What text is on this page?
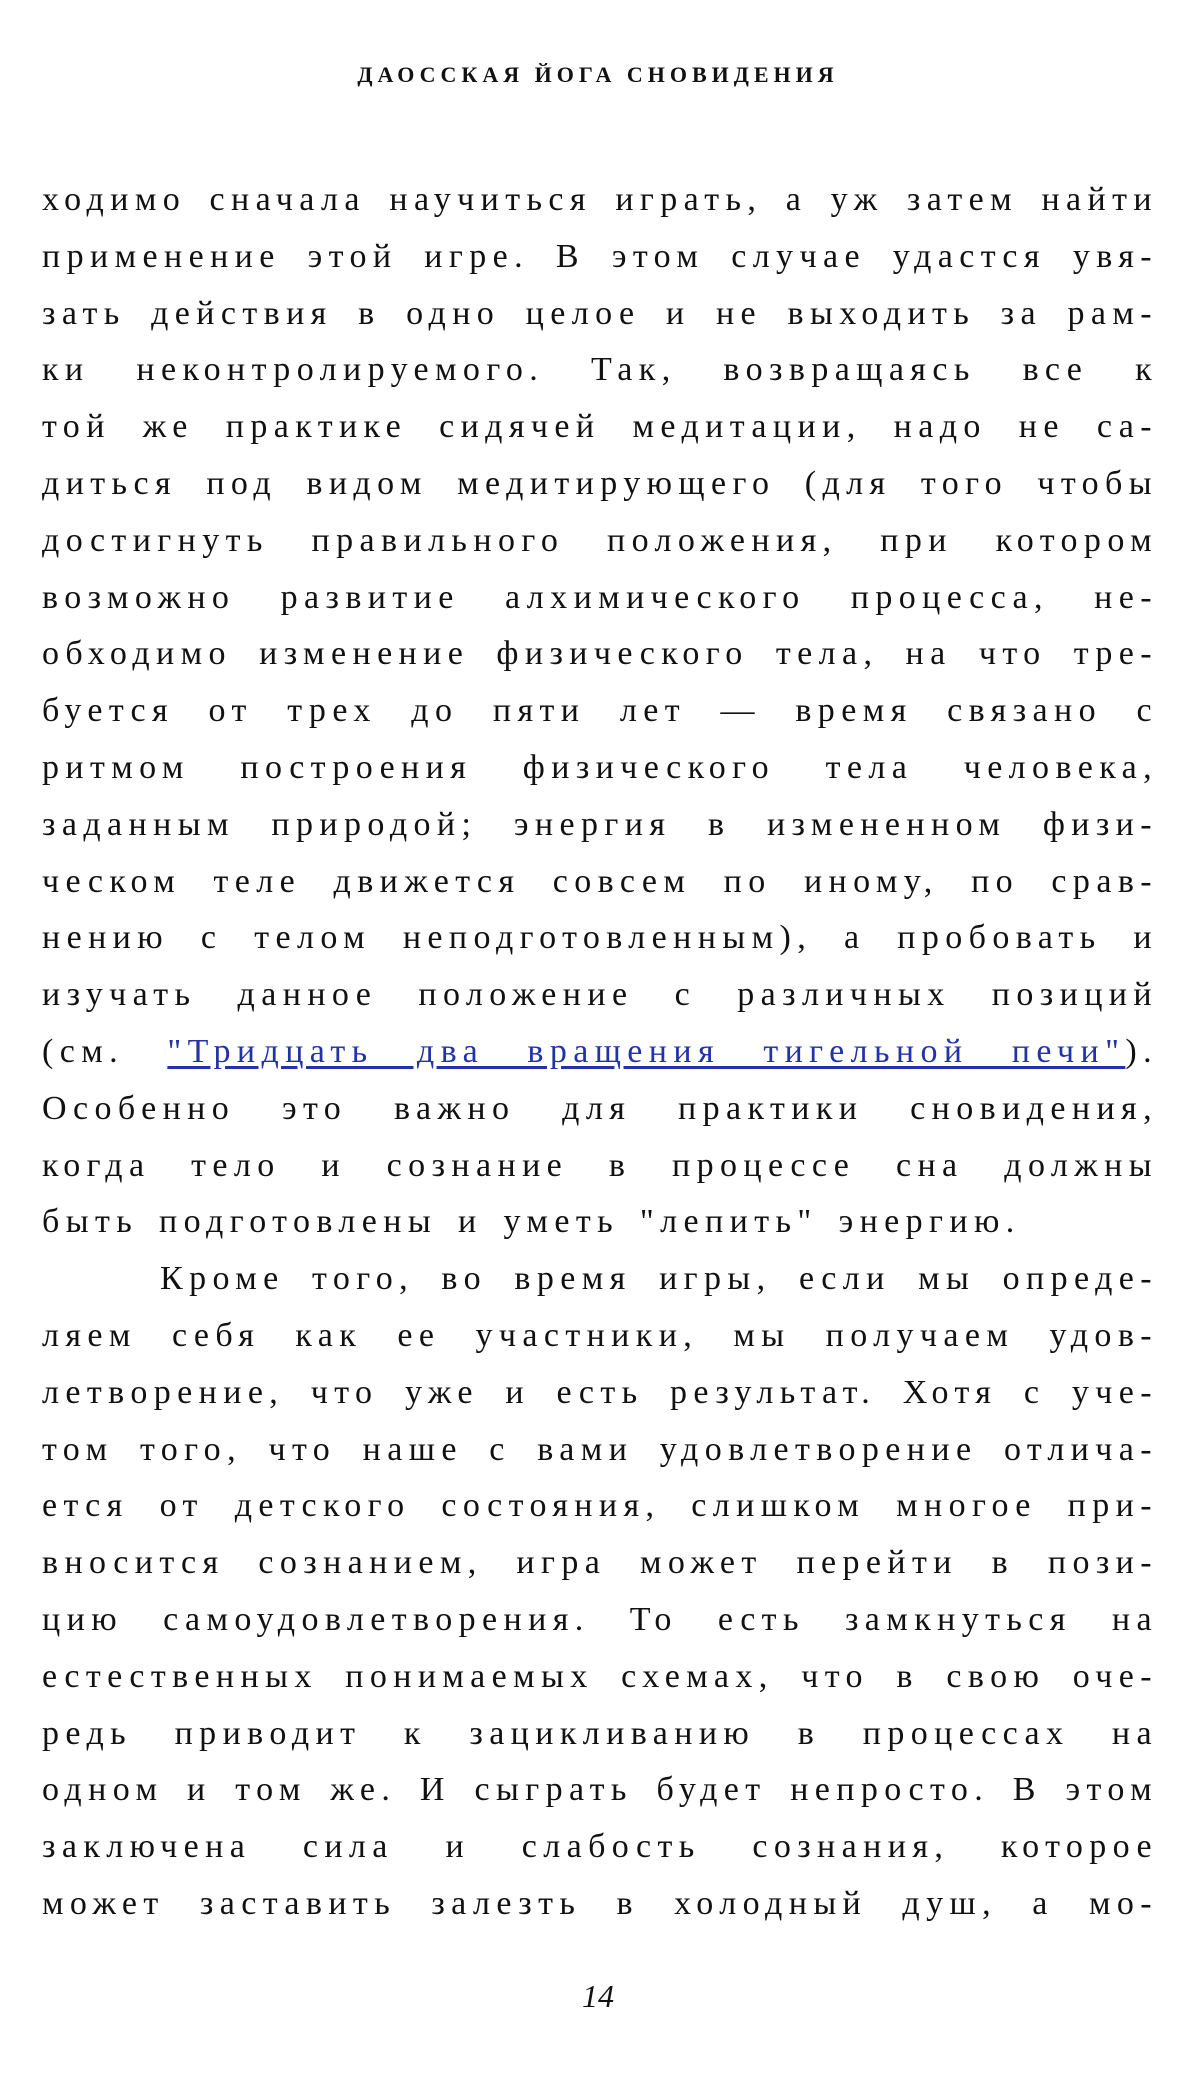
ДАОССКАЯ ЙОГА СНОВИДЕНИЯ
ходимо сначала научиться играть, а уж затем найти
применение этой игре. В этом случае удастся увя-
зать действия в одно целое и не выходить за рам-
ки неконтролируемого. Так, возвращаясь все к
той же практике сидячей медитации, надо не са-
диться под видом медитирующего (для того чтобы
достигнуть правильного положения, при котором
возможно развитие алхимического процесса, не-
обходимо изменение физического тела, на что тре-
буется от трех до пяти лет — время связано с
ритмом построения физического тела человека,
заданным природой; энергия в измененном физи-
ческом теле движется совсем по иному, по срав-
нению с телом неподготовленным), а пробовать и
изучать данное положение с различных позиций
(см. "Тридцать два вращения тигельной печи").
Особенно это важно для практики сновидения,
когда тело и сознание в процессе сна должны
быть подготовлены и уметь "лепить" энергию.
Кроме того, во время игры, если мы опреде-
ляем себя как ее участники, мы получаем удов-
летворение, что уже и есть результат. Хотя с уче-
том того, что наше с вами удовлетворение отлича-
ется от детского состояния, слишком многое при-
вносится сознанием, игра может перейти в пози-
цию самоудовлетворения. То есть замкнуться на
естественных понимаемых схемах, что в свою оче-
редь приводит к зацикливанию в процессах на
одном и том же. И сыграть будет непросто. В этом
заключена сила и слабость сознания, которое
может заставить залезть в холодный душ, а мо-
14
